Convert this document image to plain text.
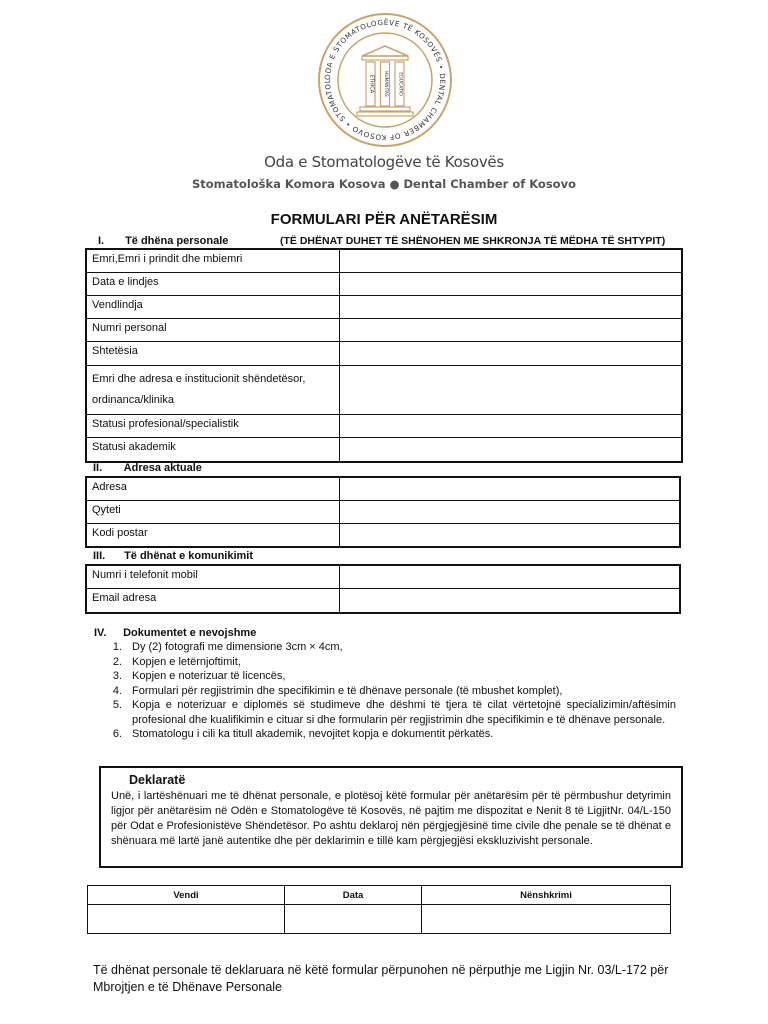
ODA E STOMATOLOGËVE TË KOSOVËS • DENTAL CHAMBER OF KOSOVO • STOMATOL	ETHICA HUMANITAS EDUCATIO
Oda e Stomatologëve të Kosovës
Stomatološka Komora Kosova ● Dental Chamber of Kosovo
FORMULARI PËR ANËTARËSIM
I. Të dhëna personale	(TË DHËNAT DUHET TË SHËNOHEN ME SHKRONJA TË MËDHA TË SHTYPIT)
Emri,Emri i prindit dhe mbiemri	
Data e lindjes	
Vendlindja	
Numri personal	
Shtetësia	
Emri dhe adresa e institucionit shëndetësor,
ordinanca/klinika	
Statusi profesional/specialistik	
Statusi akademik	
II. Adresa aktuale
Adresa	
Qyteti	
Kodi postar	
III. Të dhënat e komunikimit
Numri i telefonit mobil	
Email adresa	
IV. Dokumentet e nevojshme
1. Dy (2) fotografi me dimensione 3cm × 4cm,
2. Kopjen e letërnjoftimit,
3. Kopjen e noterizuar të licencës,
4. Formulari për regjistrimin dhe specifikimin e të dhënave personale (të mbushet komplet),
5. Kopja e noterizuar e diplomës së studimeve dhe dëshmi të tjera të cilat vërtetojnë specializimin/aftësimin profesional dhe kualifikimin e cituar si dhe formularin për regjistrimin dhe specifikimin e të dhënave personale.
6. Stomatologu i cili ka titull akademik, nevojitet kopja e dokumentit përkatës.
Deklaratë
Unë, i lartëshënuari me të dhënat personale, e plotësoj këtë formular për anëtarësim për të përmbushur detyrimin ligjor për anëtarësim në Odën e Stomatologëve të Kosovës, në pajtim me dispozitat e Nenit 8 të LigjitNr. 04/L-150 për Odat e Profesionistëve Shëndetësor. Po ashtu deklaroj nën përgjegjësinë time civile dhe penale se të dhënat e shënuara më lartë janë autentike dhe për deklarimin e tillë kam përgjegjësi ekskluzivisht personale.
Vendi	Data	Nënshkrimi

Të dhënat personale të deklaruara në këtë formular përpunohen në përputhje me Ligjin Nr. 03/L-172 për Mbrojtjen e të Dhënave Personale
